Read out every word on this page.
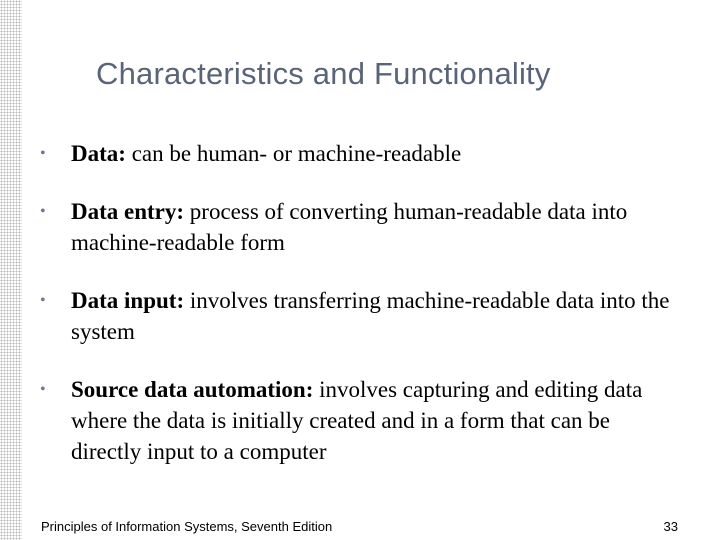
Characteristics and Functionality
• Data: can be human- or machine-readable
• Data entry: process of converting human-readable data into machine-readable form
• Data input: involves transferring machine-readable data into the system
• Source data automation: involves capturing and editing data where the data is initially created and in a form that can be directly input to a computer
Principles of Information Systems, Seventh Edition	33
